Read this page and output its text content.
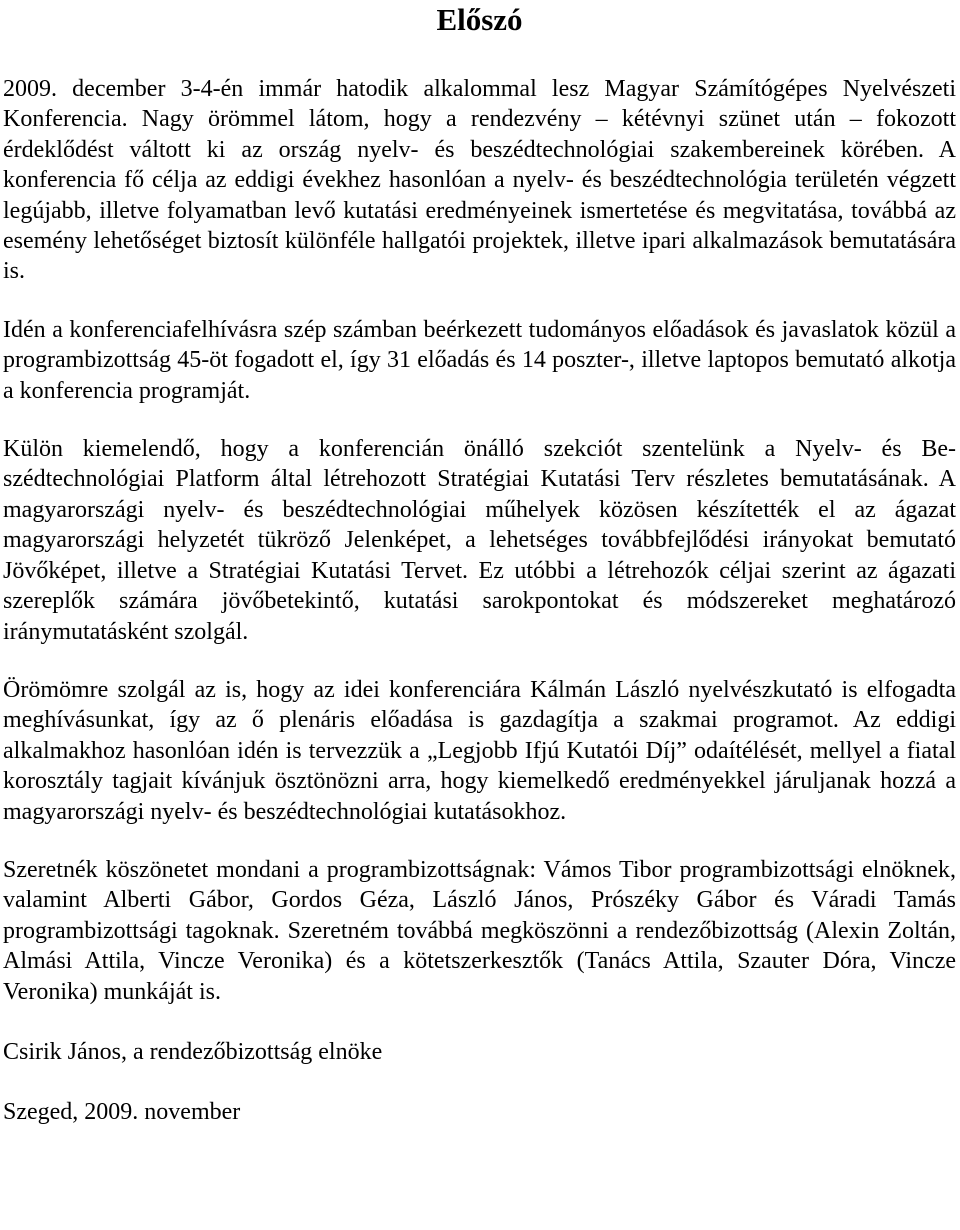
Előszó

2009. december 3-4-én immár hatodik alkalommal lesz Magyar Számítógépes Nyelvészeti Konferencia. Nagy örömmel látom, hogy a rendezvény – kétévnyi szünet után – fokozott érdeklődést váltott ki az ország nyelv- és beszédtechnológiai szakembereinek körében. A konferencia fő célja az eddigi évekhez hasonlóan a nyelv- és beszédtechnológia területén végzett legújabb, illetve folyamatban levő kutatási eredményeinek ismertetése és megvitatása, továbbá az esemény lehetőséget biztosít különféle hallgatói projektek, illetve ipari alkalmazások bemutatására is.

Idén a konferenciafelhívásra szép számban beérkezett tudományos előadások és javaslatok közül a programbizottság 45-öt fogadott el, így 31 előadás és 14 poszter-, illetve laptopos bemutató alkotja a konferencia programját.

Külön kiemelendő, hogy a konferencián önálló szekciót szentelünk a Nyelv- és Beszédtechnológiai Platform által létrehozott Stratégiai Kutatási Terv részletes bemutatásának. A magyarországi nyelv- és beszédtechnológiai műhelyek közösen készítették el az ágazat magyarországi helyzetét tükröző Jelenképet, a lehetséges továbbfejlődési irányokat bemutató Jövőképet, illetve a Stratégiai Kutatási Tervet. Ez utóbbi a létrehozók céljai szerint az ágazati szereplők számára jövőbetekintő, kutatási sarokpontokat és módszereket meghatározó iránymutatásként szolgál.

Örömömre szolgál az is, hogy az idei konferenciára Kálmán László nyelvészkutató is elfogadta meghívásunkat, így az ő plenáris előadása is gazdagítja a szakmai programot. Az eddigi alkalmakhoz hasonlóan idén is tervezzük a „Legjobb Ifjú Kutatói Díj” odaítélését, mellyel a fiatal korosztály tagjait kívánjuk ösztönözni arra, hogy kiemelkedő eredményekkel járuljanak hozzá a magyarországi nyelv- és beszédtechnológiai kutatásokhoz.

Szeretnék köszönetet mondani a programbizottságnak: Vámos Tibor programbizottsági elnöknek, valamint Alberti Gábor, Gordos Géza, László János, Prószéky Gábor és Váradi Tamás programbizottsági tagoknak. Szeretném továbbá megköszönni a rendezőbizottság (Alexin Zoltán, Almási Attila, Vincze Veronika) és a kötetszerkesztők (Tanács Attila, Szauter Dóra, Vincze Veronika) munkáját is.

Csirik János, a rendezőbizottság elnöke

Szeged, 2009. november
